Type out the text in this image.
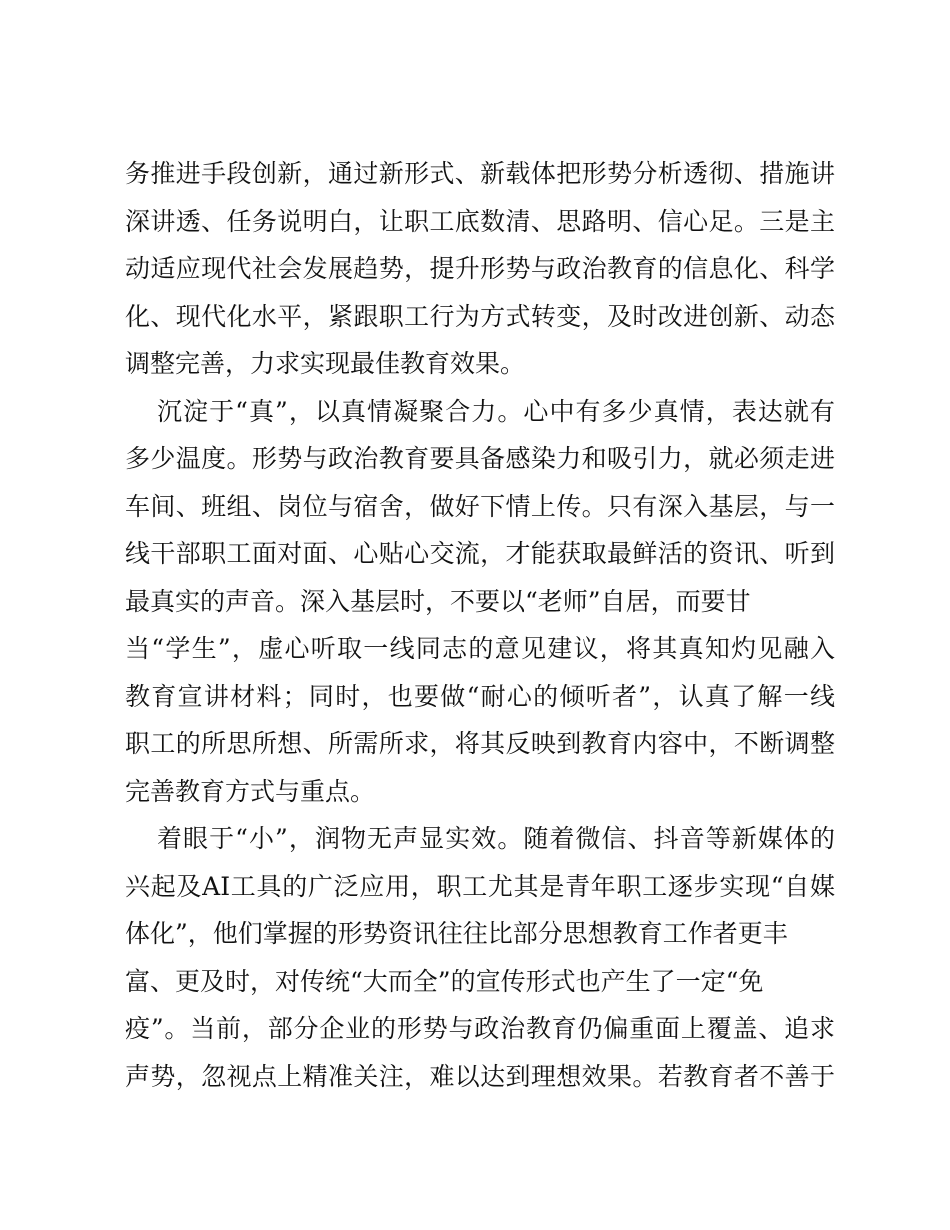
务推进手段创新，通过新形式、新载体把形势分析透彻、措施讲
深讲透、任务说明白，让职工底数清、思路明、信心足。三是主
动适应现代社会发展趋势，提升形势与政治教育的信息化、科学
化、现代化水平，紧跟职工行为方式转变，及时改进创新、动态
调整完善，力求实现最佳教育效果。
沉淀于“真”，以真情凝聚合力。心中有多少真情，表达就有
多少温度。形势与政治教育要具备感染力和吸引力，就必须走进
车间、班组、岗位与宿舍，做好下情上传。只有深入基层，与一
线干部职工面对面、心贴心交流，才能获取最鲜活的资讯、听到
最真实的声音。深入基层时，不要以“老师”自居，而要甘
当“学生”，虚心听取一线同志的意见建议，将其真知灼见融入
教育宣讲材料；同时，也要做“耐心的倾听者”，认真了解一线
职工的所思所想、所需所求，将其反映到教育内容中，不断调整
完善教育方式与重点。
着眼于“小”，润物无声显实效。随着微信、抖音等新媒体的
兴起及AI工具的广泛应用，职工尤其是青年职工逐步实现“自媒
体化”，他们掌握的形势资讯往往比部分思想教育工作者更丰
富、更及时，对传统“大而全”的宣传形式也产生了一定“免
疫”。当前，部分企业的形势与政治教育仍偏重面上覆盖、追求
声势，忽视点上精准关注，难以达到理想效果。若教育者不善于
